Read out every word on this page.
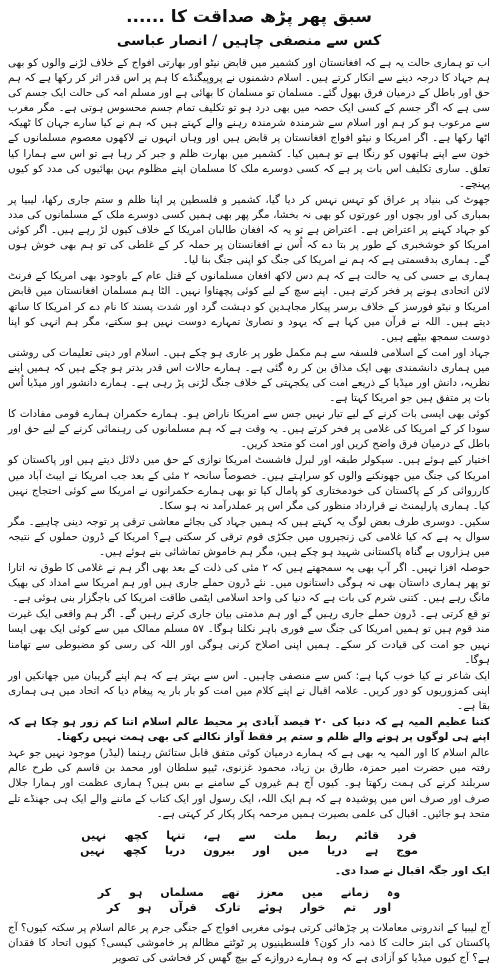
سبق پھر پڑھ صداقت کا ......
کس سے منصفی چاہیں / انصار عباسی

اب تو ہماری حالت یہ ہے کہ افغانستان اور کشمیر میں قابض نیٹو اور بھارتی افواج کے خلاف لڑنے والوں کو بھی ہم جہاد کا درجہ دینے سے انکار کرتے ہیں۔ اسلام دشمنوں نے پروپیگنڈے کا ہم پر اس قدر اثر کر رکھا ہے کہ ہم حق اور باطل کے درمیان فرق بھول گئے۔ مسلمان تو مسلمان کا بھائی ہے اور مسلم امہ کی حالت ایک جسم کی سی ہے کہ اگر جسم کے کسی ایک حصہ میں بھی درد ہو تو تکلیف تمام جسم محسوس ہوتی ہے۔ مگر مغرب سے مرعوب ہو کر ہم اور اسلام سے شرمندہ شرمندہ رہنے والے کہتے ہیں کہ ہم نے کیا سارے جہان کا ٹھیکہ اٹھا رکھا ہے۔ اگر امریکا و نیٹو افواج افغانستان پر قابض ہیں اور وہاں انہوں نے لاکھوں معصوم مسلمانوں کے خون سے اپنے ہاتھوں کو رنگا ہے تو ہمیں کیا۔ کشمیر میں بھارت ظلم و جبر کر رہا ہے تو اس سے ہمارا کیا تعلق۔ ساری تکلیف اس بات پر ہے کہ کسی دوسرے ملک کا مسلمان اپنے مظلوم بہن بھائیوں کی مدد کو کیوں پہنچے۔

جھوٹ کی بنیاد پر عراق کو تہس نہس کر دیا گیا، کشمیر و فلسطین پر اپنا ظلم و ستم جاری رکھا، لیبیا پر بمباری کی اور بچوں اور عورتوں کو بھی نہ بخشا، مگر پھر بھی ہمیں کسی دوسرے ملک کے مسلمانوں کی مدد کو جہاد کہنے پر اعتراض ہے۔ اعتراض ہے تو یہ کہ افغان طالبان امریکا کے خلاف کیوں لڑ رہے ہیں۔ اگر کوئی امریکا کو خوشخبری کے طور پر بتا دے کہ اُس نے افغانستان پر حملہ کر کے غلطی کی تو ہم بھی خوش ہوں گے۔ ہماری بدقسمتی ہے کہ ہم نے امریکا کی جنگ کو اپنی جنگ بنا لیا۔

ہماری بے حسی کی یہ حالت ہے کہ ہم دس لاکھ افغان مسلمانوں کے قتل عام کے باوجود بھی امریکا کے فرنٹ لائن اتحادی ہونے پر فخر کرتے ہیں۔ اپنے سچ کے لیے کوئی پچھتاوا نہیں۔ الٹا ہم مسلمان افغانستان میں قابض امریکا و نیٹو فورسز کے خلاف برسر پیکار مجاہدین کو دہشت گرد اور شدت پسند کا نام دے کر امریکا کا ساتھ دیتے ہیں۔ اللہ نے قرآن میں کہا ہے کہ یہود و نصاریٰ تمہارے دوست نہیں ہو سکتے، مگر ہم انہی کو اپنا دوست سمجھ بیٹھے ہیں۔

جہاد اور امت کے اسلامی فلسفہ سے ہم مکمل طور پر عاری ہو چکے ہیں۔ اسلام اور دینی تعلیمات کی روشنی میں ہماری دانشمندی بھی ایک مذاق بن کر رہ گئی ہے۔ ہمارے حالات اس قدر بدتر ہو چکے ہیں کہ ہمیں اپنے نظریہ، دانش اور میڈیا کے ذریعے امت کی یکجہتی کے خلاف جنگ لڑنی پڑ رہی ہے۔ ہمارے دانشور اور میڈیا اُس بات پر متفق ہیں جو امریکا کہتا ہے۔

کوئی بھی ایسی بات کرنے کے لیے تیار نہیں جس سے امریکا ناراض ہو۔ ہمارے حکمران ہمارے قومی مفادات کا سودا کر کے امریکا کی غلامی پر فخر کرتے ہیں۔ یہ وقت ہے کہ ہم مسلمانوں کی رہنمائی کرنے کے لیے حق اور باطل کے درمیان فرق واضح کریں اور امت کو متحد کریں۔

اختیار کیے ہوئے ہیں۔ سیکولر طبقہ اور لبرل فاشسٹ امریکا نوازی کے حق میں دلائل دیتے ہیں اور پاکستان کو امریکا کی جنگ میں جھونکنے والوں کو سراہتے ہیں۔ خصوصاً سانحہ ۲ مئی کے بعد جب امریکا نے ایبٹ آباد میں کارروائی کر کے پاکستان کی خودمختاری کو پامال کیا تو بھی ہمارے حکمرانوں نے امریکا سے کوئی احتجاج نہیں کیا۔ ہماری پارلیمنٹ نے قرارداد منظور کی مگر اس پر عملدرآمد نہ ہو سکا۔

سکیں۔ دوسری طرف بعض لوگ یہ کہتے ہیں کہ ہمیں جہاد کی بجائے معاشی ترقی پر توجہ دینی چاہیے۔ مگر سوال یہ ہے کہ کیا غلامی کی زنجیروں میں جکڑی قوم ترقی کر سکتی ہے؟ امریکا کے ڈرون حملوں کے نتیجہ میں ہزاروں بے گناہ پاکستانی شہید ہو چکے ہیں، مگر ہم خاموش تماشائی بنے ہوئے ہیں۔

حوصلہ افزا نہیں۔ اگر آپ بھی یہ سمجھتے ہیں کہ ۲ مئی کی ذلت کے بعد بھی اگر ہم نے غلامی کا طوق نہ اتارا تو پھر ہماری داستان بھی نہ ہوگی داستانوں میں۔ نئے ڈرون حملے جاری ہیں اور ہم امریکا سے امداد کی بھیک مانگ رہے ہیں۔ کتنی شرم کی بات ہے کہ دنیا کی واحد اسلامی ایٹمی طاقت امریکا کی باجگزار بنی ہوئی ہے۔

تو قع کرتی ہے۔ ڈرون حملے جاری رہیں گے اور ہم مذمتی بیان جاری کرتے رہیں گے۔ اگر ہم واقعی ایک غیرت مند قوم ہیں تو ہمیں امریکا کی جنگ سے فوری باہر نکلنا ہوگا۔ ۵۷ مسلم ممالک میں سے کوئی ایک بھی ایسا نہیں جو امت کی قیادت کر سکے۔ ہمیں اپنی اصلاح کرنی ہوگی اور اللہ کی رسی کو مضبوطی سے تھامنا ہوگا۔

ایک شاعر نے کیا خوب کہا ہے: کس سے منصفی چاہیں۔ اس سے بہتر ہے کہ ہم اپنے گریبان میں جھانکیں اور اپنی کمزوریوں کو دور کریں۔ علامہ اقبال نے اپنے کلام میں امت کو بار بار یہ پیغام دیا کہ اتحاد میں ہی ہماری بقا ہے۔

کتنا عظیم المیہ ہے کہ دنیا کی ۲۰ فیصد آبادی پر محیط عالم اسلام اتنا کم زور ہو چکا ہے کہ اپنے ہی لوگوں پر ہونے والے ظلم و ستم پر فقط آواز نکالنے کی بھی ہمت نہیں رکھتا۔

عالم اسلام کا اور المیہ یہ بھی ہے کہ ہمارے درمیان کوئی متفق قابل ستائش رہنما (لیڈر) موجود نہیں جو عہد رفتہ میں حضرت امیر حمزہ، طارق بن زیاد، محمود غزنوی، ٹیپو سلطان اور محمد بن قاسم کی طرح عالم سربلند کرنے کی ہمت رکھتا ہو۔ کیوں آج ہم غیروں کے سامنے بے بس ہیں؟ ہماری عظمت اور ہمارا جلال صرف اور صرف اس میں پوشیدہ ہے کہ ہم ایک اللہ، ایک رسول اور ایک کتاب کے ماننے والے ایک ہی جھنڈے تلے متحد ہو جائیں۔ اقبال کی علمی بصیرت ہمیں مرحمہ پکار پکار کر کہتی ہے۔

فرد
قائم
ربط
ملت
سے
ہے،
تنہا
کچھ
نہیں
موج
ہے
دریا
میں
اور
بیرون
دریا
کچھ
نہیں
ایک اور جگہ اقبال نے صدا دی۔
وہ
زمانے
میں
معزز
تھے
مسلماں
ہو
کر
اور
تم
خوار
ہوئے
تارک
قرآں
ہو
کر

آج لیبیا کے اندرونی معاملات پر چڑھائی کرتی ہوئی مغربی افواج کے جنگی جرم پر عالم اسلام پر سکتہ کیوں؟ آج پاکستان کی ابتر حالت کا ذمہ دار کون؟ فلسطینیوں پر ٹوٹتے مظالم پر خاموشی کیسی؟ کیوں اتحاد کا فقدان ہے؟ آج کیوں میڈیا کو آزادی ہے کہ وہ ہمارے دروازے کے بیچ گھس کر فحاشی کی تصویر
